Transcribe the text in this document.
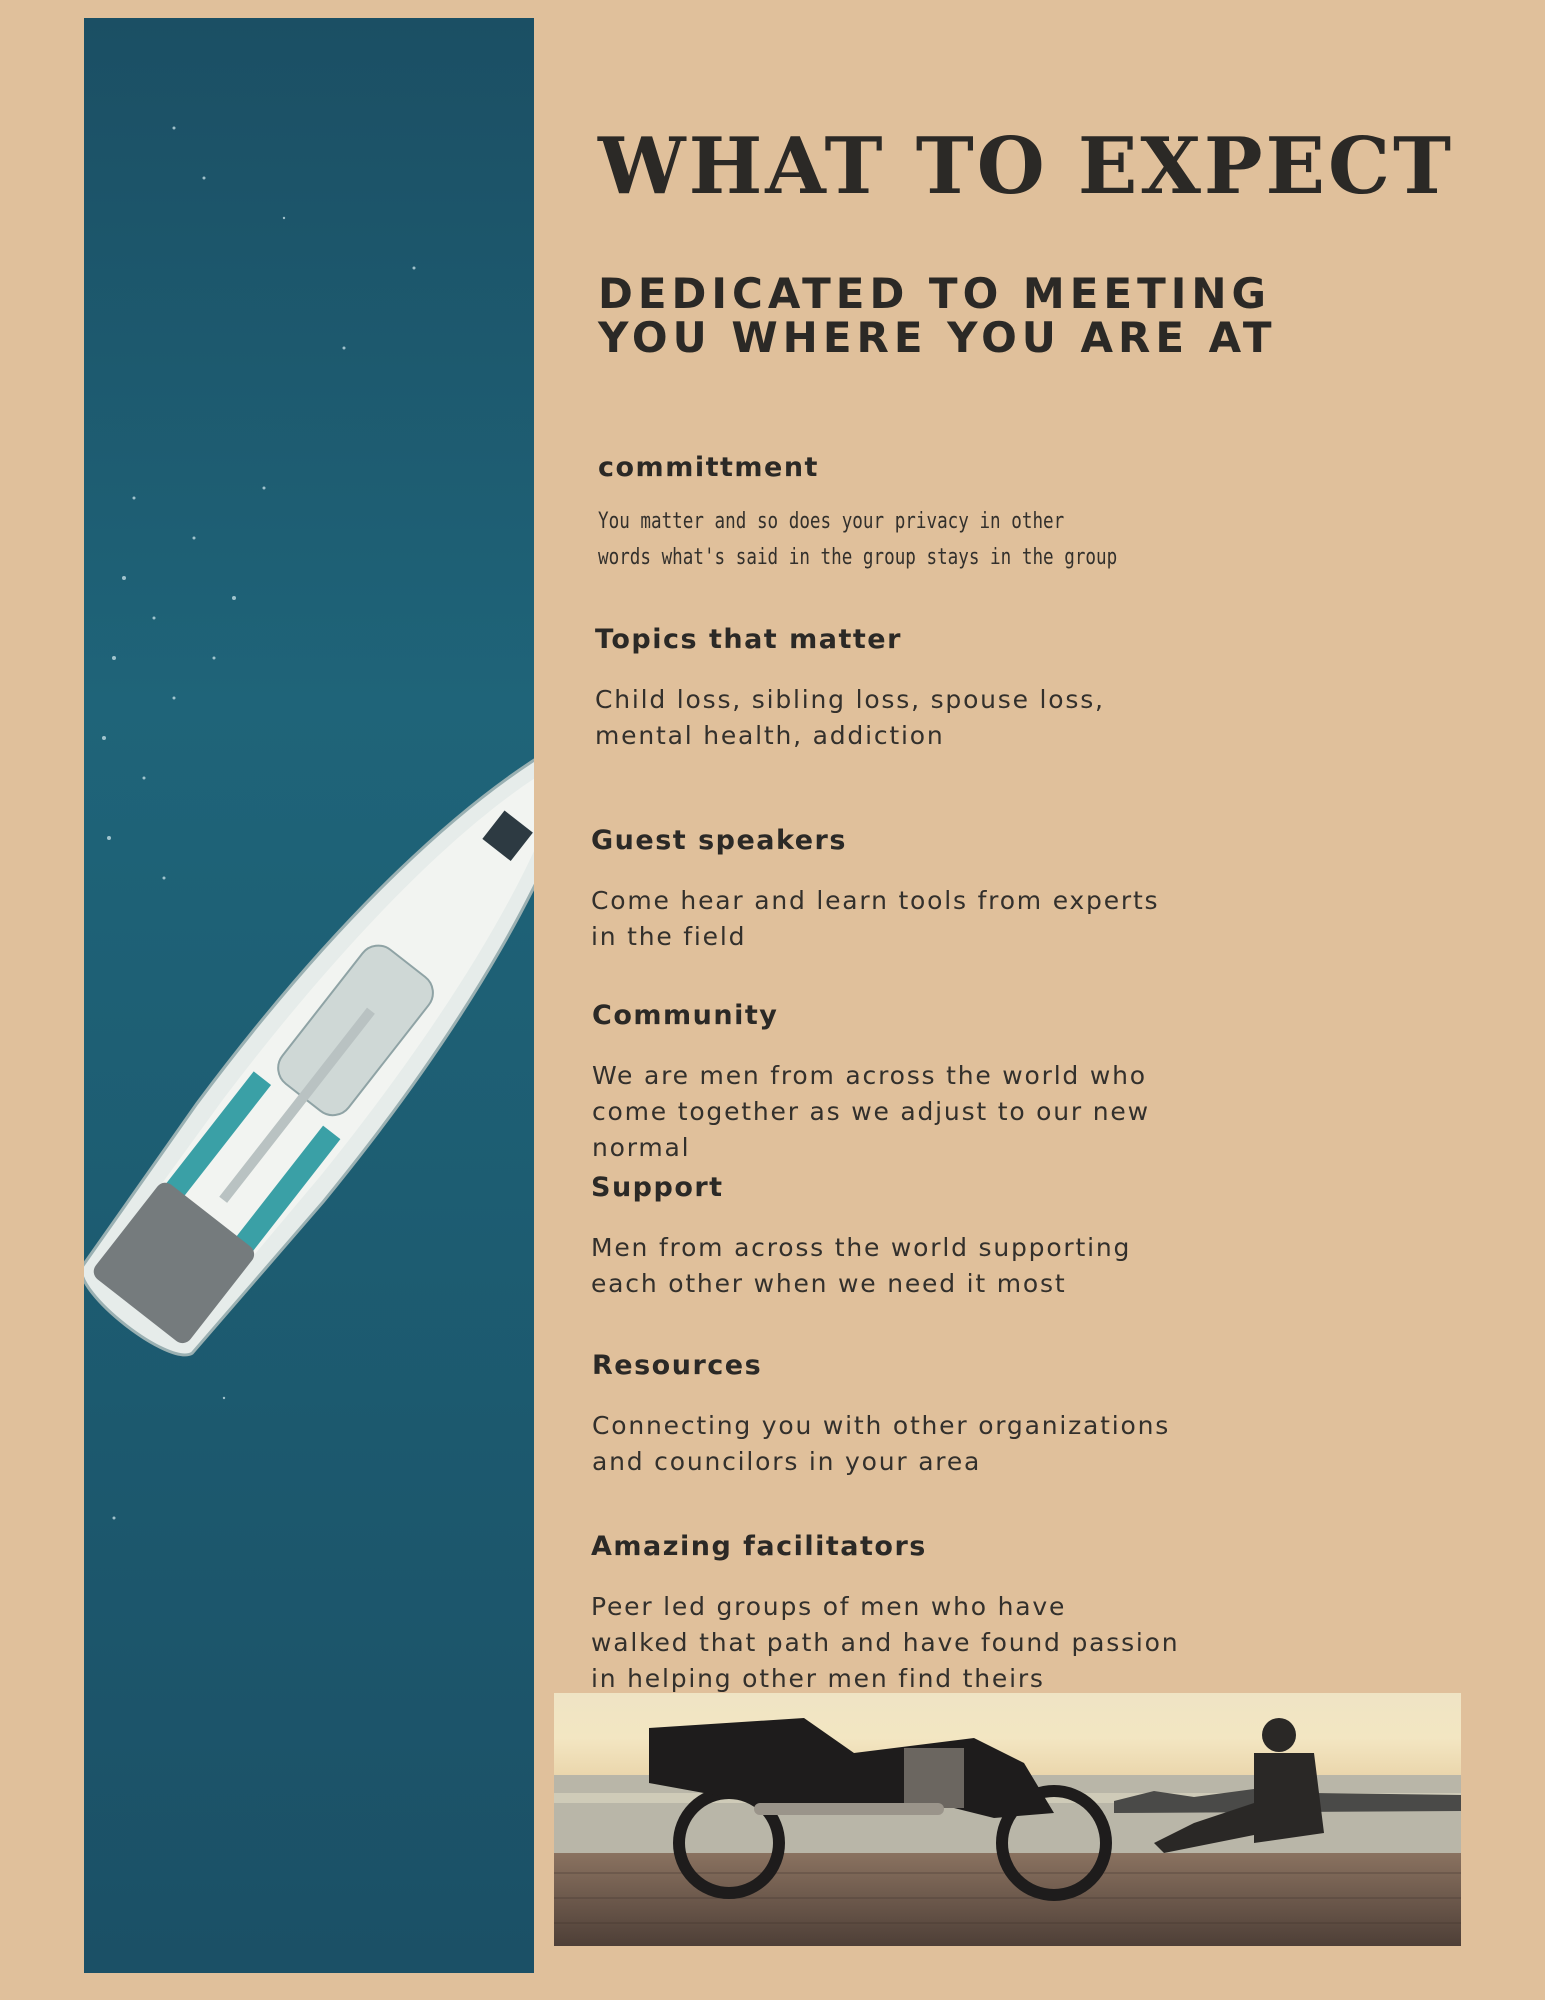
WHAT TO EXPECT
DEDICATED TO MEETING YOU WHERE YOU ARE AT
committment

You matter and so does your privacy in other
words what's said in the group stays in the group

Topics that matter

Child loss, sibling loss, spouse loss,
mental health, addiction

Guest speakers

Come hear and learn tools from experts
in the field

Community

We are men from across the world who
come together as we adjust to our new
normal

Support

Men from across the world supporting
each other when we need it most

Resources

Connecting you with other organizations
and councilors in your area

Amazing facilitators

Peer led groups of men who have
walked that path and have found passion
in helping other men find theirs
